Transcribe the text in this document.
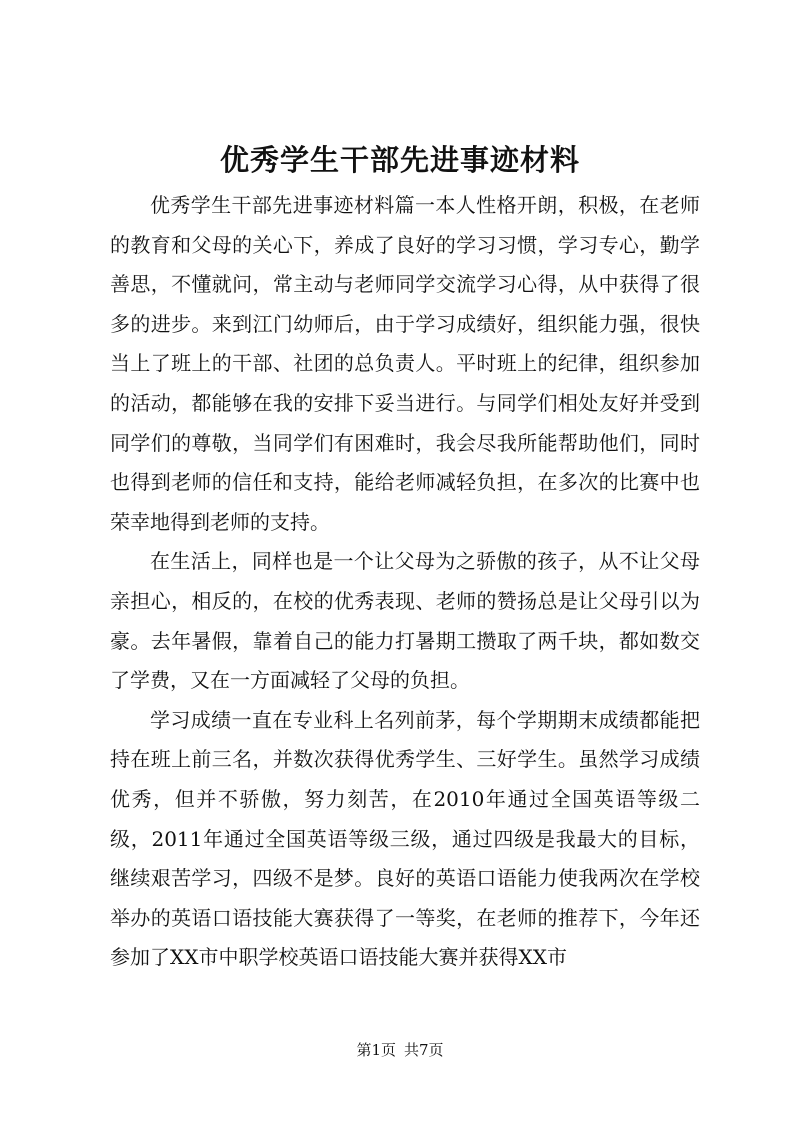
优秀学生干部先进事迹材料

优秀学生干部先进事迹材料篇一本人性格开朗，积极，在老师的教育和父母的关心下，养成了良好的学习习惯，学习专心，勤学善思，不懂就问，常主动与老师同学交流学习心得，从中获得了很多的进步。来到江门幼师后，由于学习成绩好，组织能力强，很快当上了班上的干部、社团的总负责人。平时班上的纪律，组织参加的活动，都能够在我的安排下妥当进行。与同学们相处友好并受到同学们的尊敬，当同学们有困难时，我会尽我所能帮助他们，同时也得到老师的信任和支持，能给老师减轻负担，在多次的比赛中也荣幸地得到老师的支持。

在生活上，同样也是一个让父母为之骄傲的孩子，从不让父母亲担心，相反的，在校的优秀表现、老师的赞扬总是让父母引以为豪。去年暑假，靠着自己的能力打暑期工攒取了两千块，都如数交了学费，又在一方面减轻了父母的负担。

学习成绩一直在专业科上名列前茅，每个学期期末成绩都能把持在班上前三名，并数次获得优秀学生、三好学生。虽然学习成绩优秀，但并不骄傲，努力刻苦，在2010年通过全国英语等级二级，2011年通过全国英语等级三级，通过四级是我最大的目标，继续艰苦学习，四级不是梦。良好的英语口语能力使我两次在学校举办的英语口语技能大赛获得了一等奖，在老师的推荐下，今年还参加了XX市中职学校英语口语技能大赛并获得XX市

第1页 共7页
